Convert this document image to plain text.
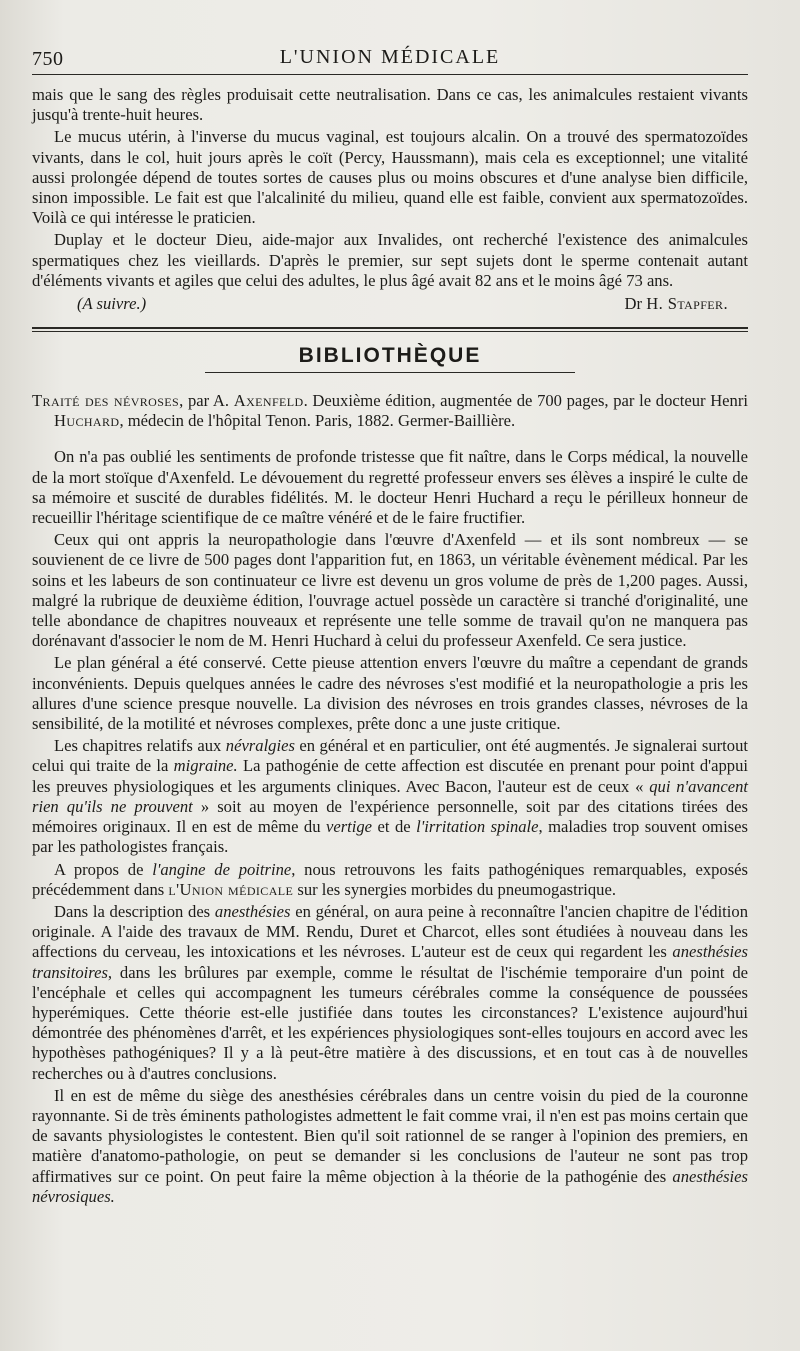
750	L'UNION MÉDICALE

mais que le sang des règles produisait cette neutralisation. Dans ce cas, les animalcules restaient vivants jusqu'à trente-huit heures.

Le mucus utérin, à l'inverse du mucus vaginal, est toujours alcalin. On a trouvé des spermatozoïdes vivants, dans le col, huit jours après le coït (Percy, Haussmann), mais cela es exceptionnel; une vitalité aussi prolongée dépend de toutes sortes de causes plus ou moins obscures et d'une analyse bien difficile, sinon impossible. Le fait est que l'alcalinité du milieu, quand elle est faible, convient aux spermatozoïdes. Voilà ce qui intéresse le praticien.

Duplay et le docteur Dieu, aide-major aux Invalides, ont recherché l'existence des animalcules spermatiques chez les vieillards. D'après le premier, sur sept sujets dont le sperme contenait autant d'éléments vivants et agiles que celui des adultes, le plus âgé avait 82 ans et le moins âgé 73 ans.

(A suivre.)	Dr H. Stapfer.
BIBLIOTHÈQUE

Traité des névroses, par A. Axenfeld. Deuxième édition, augmentée de 700 pages, par le docteur Henri Huchard, médecin de l'hôpital Tenon. Paris, 1882. Germer-Baillière.

On n'a pas oublié les sentiments de profonde tristesse que fit naître, dans le Corps médical, la nouvelle de la mort stoïque d'Axenfeld. Le dévouement du regretté professeur envers ses élèves a inspiré le culte de sa mémoire et suscité de durables fidélités. M. le docteur Henri Huchard a reçu le périlleux honneur de recueillir l'héritage scientifique de ce maître vénéré et de le faire fructifier.

Ceux qui ont appris la neuropathologie dans l'œuvre d'Axenfeld — et ils sont nombreux — se souvienent de ce livre de 500 pages dont l'apparition fut, en 1863, un véritable évènement médical. Par les soins et les labeurs de son continuateur ce livre est devenu un gros volume de près de 1,200 pages. Aussi, malgré la rubrique de deuxième édition, l'ouvrage actuel possède un caractère si tranché d'originalité, une telle abondance de chapitres nouveaux et représente une telle somme de travail qu'on ne manquera pas dorénavant d'associer le nom de M. Henri Huchard à celui du professeur Axenfeld. Ce sera justice.

Le plan général a été conservé. Cette pieuse attention envers l'œuvre du maître a cependant de grands inconvénients. Depuis quelques années le cadre des névroses s'est modifié et la neuropathologie a pris les allures d'une science presque nouvelle. La division des névroses en trois grandes classes, névroses de la sensibilité, de la motilité et névroses complexes, prête donc a une juste critique.

Les chapitres relatifs aux névralgies en général et en particulier, ont été augmentés. Je signalerai surtout celui qui traite de la migraine. La pathogénie de cette affection est discutée en prenant pour point d'appui les preuves physiologiques et les arguments cliniques. Avec Bacon, l'auteur est de ceux « qui n'avancent rien qu'ils ne prouvent » soit au moyen de l'expérience personnelle, soit par des citations tirées des mémoires originaux. Il en est de même du vertige et de l'irritation spinale, maladies trop souvent omises par les pathologistes français.

A propos de l'angine de poitrine, nous retrouvons les faits pathogéniques remarquables, exposés précédemment dans l'Union médicale sur les synergies morbides du pneumogastrique.

Dans la description des anesthésies en général, on aura peine à reconnaître l'ancien chapitre de l'édition originale. A l'aide des travaux de MM. Rendu, Duret et Charcot, elles sont étudiées à nouveau dans les affections du cerveau, les intoxications et les névroses. L'auteur est de ceux qui regardent les anesthésies transitoires, dans les brûlures par exemple, comme le résultat de l'ischémie temporaire d'un point de l'encéphale et celles qui accompagnent les tumeurs cérébrales comme la conséquence de poussées hyperémiques. Cette théorie est-elle justifiée dans toutes les circonstances? L'existence aujourd'hui démontrée des phénomènes d'arrêt, et les expériences physiologiques sont-elles toujours en accord avec les hypothèses pathogéniques? Il y a là peut-être matière à des discussions, et en tout cas à de nouvelles recherches ou à d'autres conclusions.

Il en est de même du siège des anesthésies cérébrales dans un centre voisin du pied de la couronne rayonnante. Si de très éminents pathologistes admettent le fait comme vrai, il n'en est pas moins certain que de savants physiologistes le contestent. Bien qu'il soit rationnel de se ranger à l'opinion des premiers, en matière d'anatomo-pathologie, on peut se demander si les conclusions de l'auteur ne sont pas trop affirmatives sur ce point. On peut faire la même objection à la théorie de la pathogénie des anesthésies névrosiques.
